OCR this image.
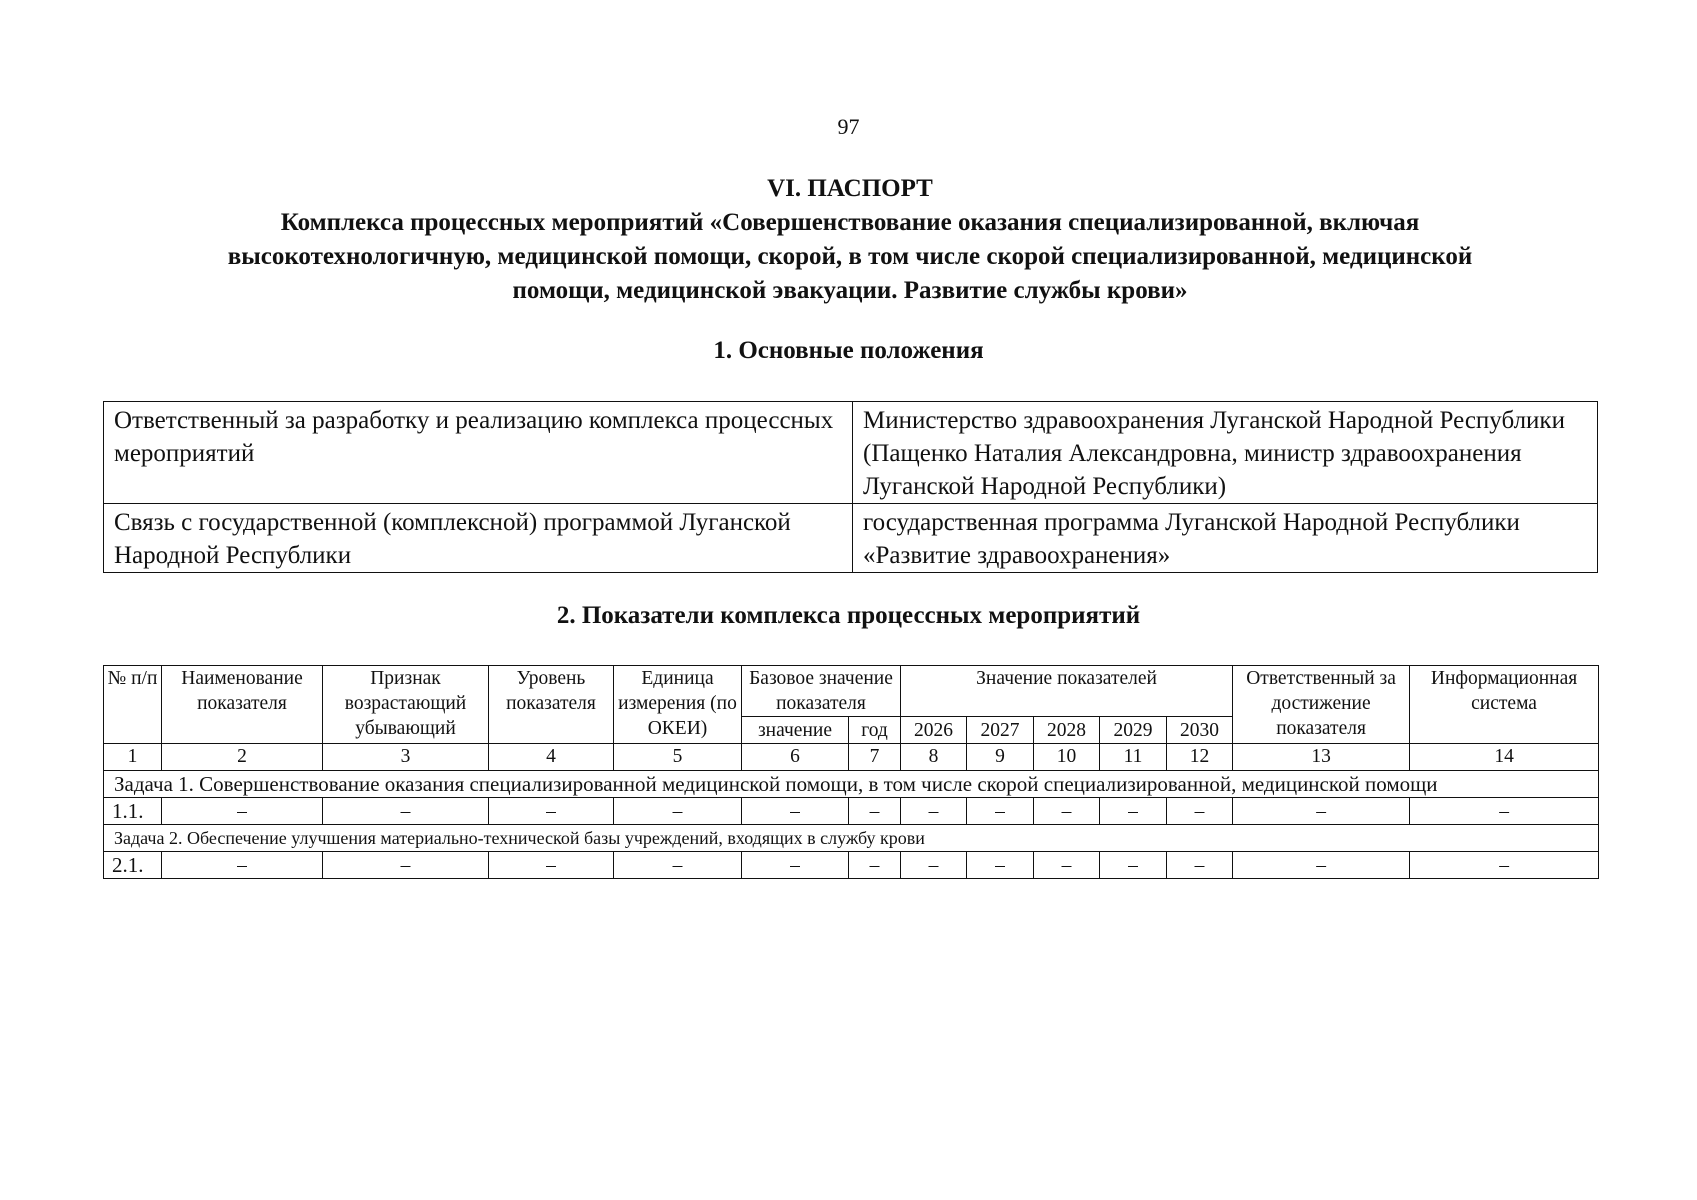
97
VI. ПАСПОРТ
Комплекса процессных мероприятий «Совершенствование оказания специализированной, включая
высокотехнологичную, медицинской помощи, скорой, в том числе скорой специализированной, медицинской
помощи, медицинской эвакуации. Развитие службы крови»
1. Основные положения
Ответственный за разработку и реализацию комплекса процессных мероприятий	Министерство здравоохранения Луганской Народной Республики (Пащенко Наталия Александровна, министр здравоохранения Луганской Народной Республики)
Связь с государственной (комплексной) программой Луганской Народной Республики	государственная программа Луганской Народной Республики «Развитие здравоохранения»
2. Показатели комплекса процессных мероприятий
№ п/п	Наименование показателя	Признак возрастающий убывающий	Уровень показателя	Единица измерения (по ОКЕИ)	Базовое значение показателя		Значение показателей					Ответственный за достижение показателя	Информационная система
					значение	год	2026	2027	2028	2029	2030		
1	2	3	4	5	6	7	8	9	10	11	12	13	14
Задача 1. Совершенствование оказания специализированной медицинской помощи, в том числе скорой специализированной, медицинской помощи													
1.1.	–	–	–	–	–	–	–	–	–	–	–	–	–
Задача 2. Обеспечение улучшения материально-технической базы учреждений, входящих в службу крови													
2.1.	–	–	–	–	–	–	–	–	–	–	–	–	–
